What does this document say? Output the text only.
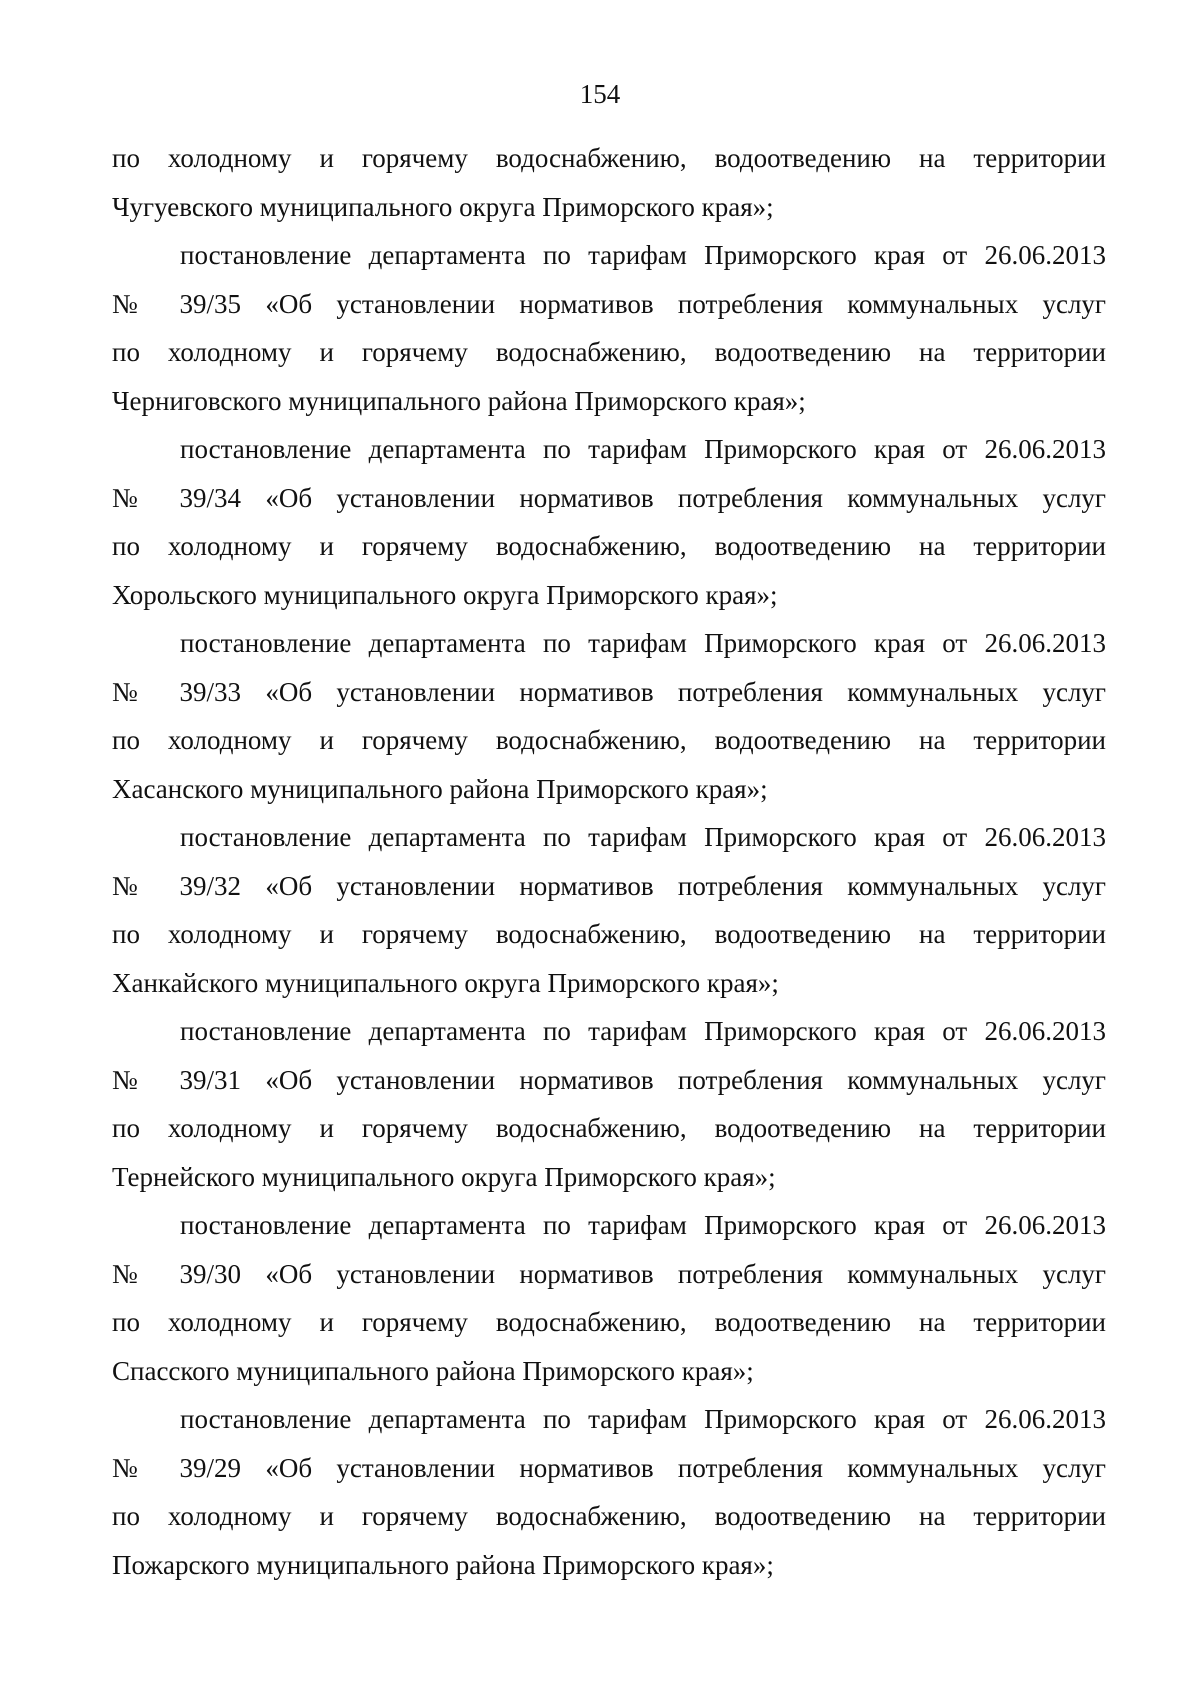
154
по холодному и горячему водоснабжению, водоотведению на территории
Чугуевского муниципального округа Приморского края»;
постановление департамента по тарифам Приморского края от 26.06.2013
№ 39/35 «Об установлении нормативов потребления коммунальных услуг
по холодному и горячему водоснабжению, водоотведению на территории
Черниговского муниципального района Приморского края»;
постановление департамента по тарифам Приморского края от 26.06.2013
№ 39/34 «Об установлении нормативов потребления коммунальных услуг
по холодному и горячему водоснабжению, водоотведению на территории
Хорольского муниципального округа Приморского края»;
постановление департамента по тарифам Приморского края от 26.06.2013
№ 39/33 «Об установлении нормативов потребления коммунальных услуг
по холодному и горячему водоснабжению, водоотведению на территории
Хасанского муниципального района Приморского края»;
постановление департамента по тарифам Приморского края от 26.06.2013
№ 39/32 «Об установлении нормативов потребления коммунальных услуг
по холодному и горячему водоснабжению, водоотведению на территории
Ханкайского муниципального округа Приморского края»;
постановление департамента по тарифам Приморского края от 26.06.2013
№ 39/31 «Об установлении нормативов потребления коммунальных услуг
по холодному и горячему водоснабжению, водоотведению на территории
Тернейского муниципального округа Приморского края»;
постановление департамента по тарифам Приморского края от 26.06.2013
№ 39/30 «Об установлении нормативов потребления коммунальных услуг
по холодному и горячему водоснабжению, водоотведению на территории
Спасского муниципального района Приморского края»;
постановление департамента по тарифам Приморского края от 26.06.2013
№ 39/29 «Об установлении нормативов потребления коммунальных услуг
по холодному и горячему водоснабжению, водоотведению на территории
Пожарского муниципального района Приморского края»;
